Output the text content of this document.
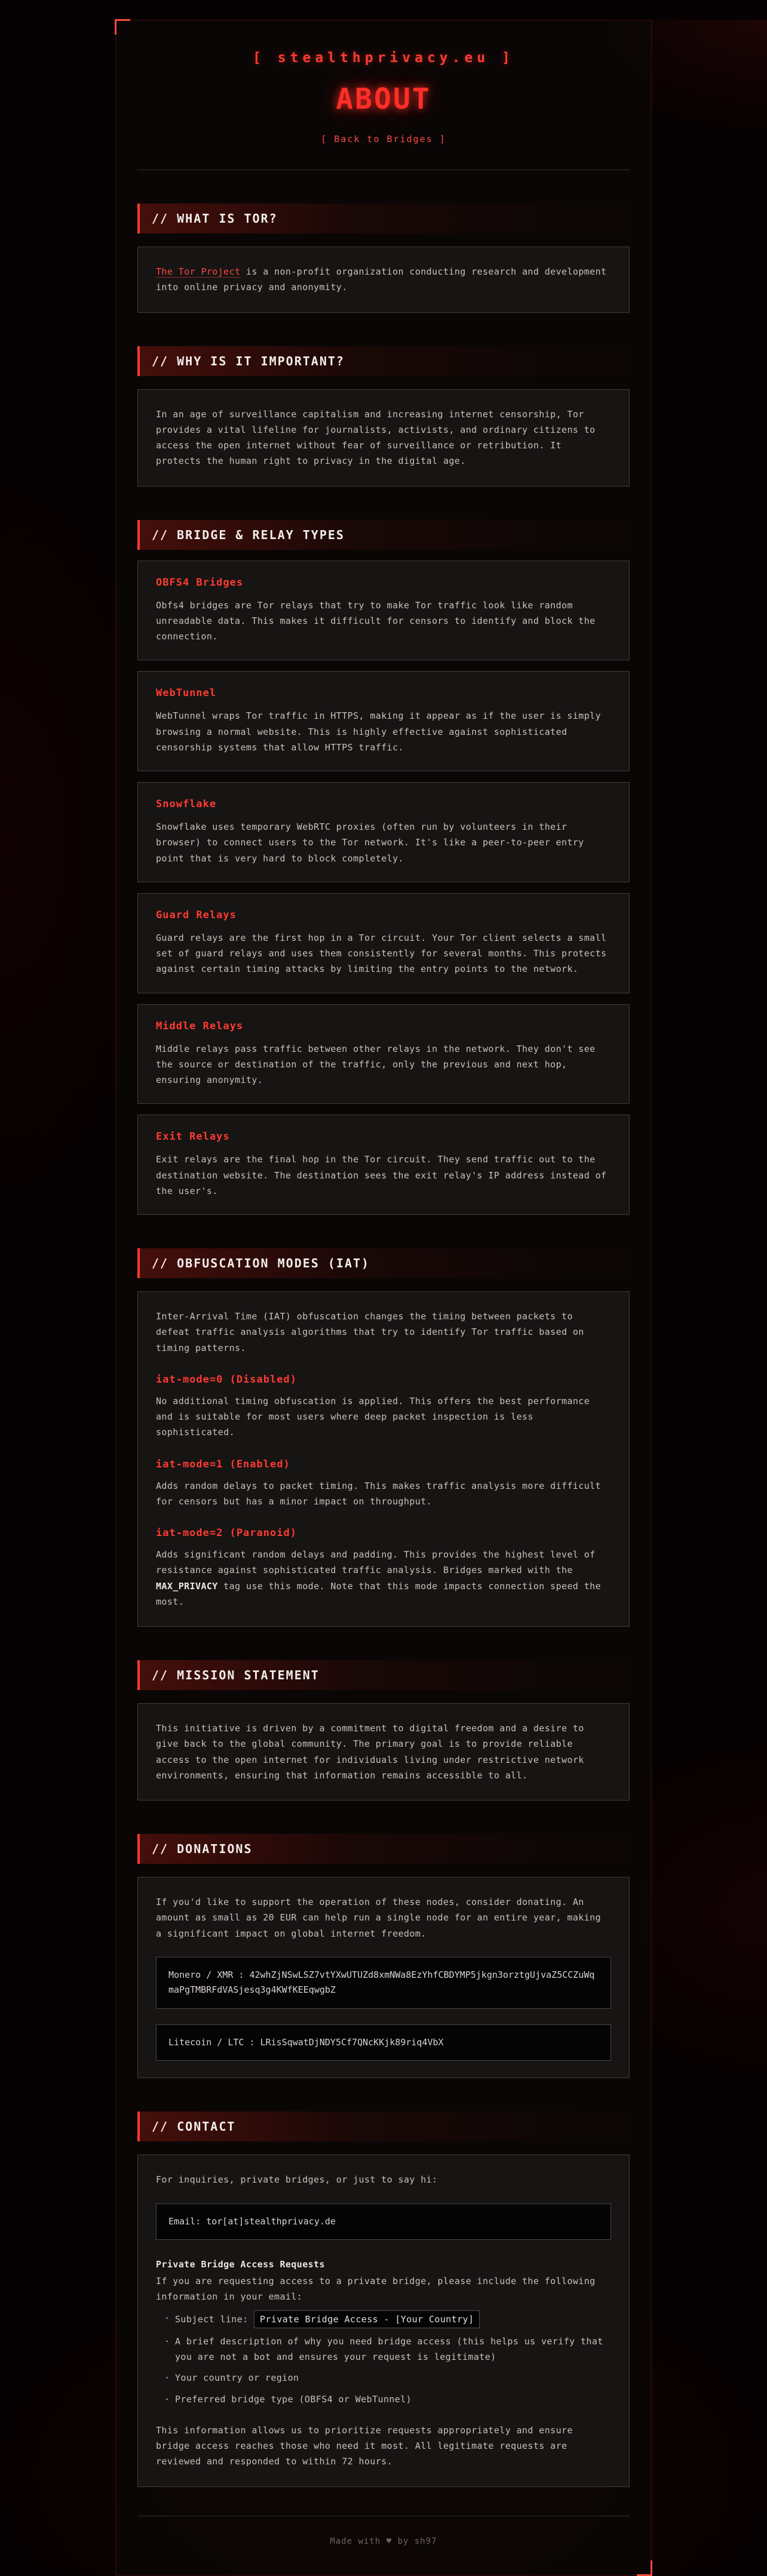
[ stealthprivacy.eu ]
ABOUT
[ Back to Bridges ]
// WHAT IS TOR?

The Tor Project is a non-profit organization conducting research and development into online privacy and anonymity.

// WHY IS IT IMPORTANT?

In an age of surveillance capitalism and increasing internet censorship, Tor provides a vital lifeline for journalists, activists, and ordinary citizens to access the open internet without fear of surveillance or retribution. It protects the human right to privacy in the digital age.

// BRIDGE & RELAY TYPES
OBFS4 Bridges

Obfs4 bridges are Tor relays that try to make Tor traffic look like random unreadable data. This makes it difficult for censors to identify and block the connection.

WebTunnel

WebTunnel wraps Tor traffic in HTTPS, making it appear as if the user is simply browsing a normal website. This is highly effective against sophisticated censorship systems that allow HTTPS traffic.

Snowflake

Snowflake uses temporary WebRTC proxies (often run by volunteers in their browser) to connect users to the Tor network. It's like a peer-to-peer entry point that is very hard to block completely.

Guard Relays

Guard relays are the first hop in a Tor circuit. Your Tor client selects a small set of guard relays and uses them consistently for several months. This protects against certain timing attacks by limiting the entry points to the network.

Middle Relays

Middle relays pass traffic between other relays in the network. They don't see the source or destination of the traffic, only the previous and next hop, ensuring anonymity.

Exit Relays

Exit relays are the final hop in the Tor circuit. They send traffic out to the destination website. The destination sees the exit relay's IP address instead of the user's.

// OBFUSCATION MODES (IAT)

Inter-Arrival Time (IAT) obfuscation changes the timing between packets to defeat traffic analysis algorithms that try to identify Tor traffic based on timing patterns.

iat-mode=0 (Disabled)

No additional timing obfuscation is applied. This offers the best performance and is suitable for most users where deep packet inspection is less sophisticated.

iat-mode=1 (Enabled)

Adds random delays to packet timing. This makes traffic analysis more difficult for censors but has a minor impact on throughput.

iat-mode=2 (Paranoid)

Adds significant random delays and padding. This provides the highest level of resistance against sophisticated traffic analysis. Bridges marked with the MAX_PRIVACY tag use this mode. Note that this mode impacts connection speed the most.

// MISSION STATEMENT

This initiative is driven by a commitment to digital freedom and a desire to give back to the global community. The primary goal is to provide reliable access to the open internet for individuals living under restrictive network environments, ensuring that information remains accessible to all.

// DONATIONS

If you'd like to support the operation of these nodes, consider donating. An amount as small as 20 EUR can help run a single node for an entire year, making a significant impact on global internet freedom.

Monero / XMR : 42whZjNSwLSZ7vtYXwUTUZd8xmNWa8EzYhfCBDYMP5jkgn3orztgUjvaZ5CCZuWqmaPgTMBRFdVASjesq3g4KWfKEEqwgbZ
Litecoin / LTC : LRisSqwatDjNDY5Cf7QNcKKjk89riq4VbX
// CONTACT

For inquiries, private bridges, or just to say hi:

Email: tor[at]stealthprivacy.de
Private Bridge Access Requests

If you are requesting access to a private bridge, please include the following information in your email:

· Subject line: Private Bridge Access - [Your Country]
· A brief description of why you need bridge access (this helps us verify that you are not a bot and ensures your request is legitimate)
· Your country or region
· Preferred bridge type (OBFS4 or WebTunnel)

This information allows us to prioritize requests appropriately and ensure bridge access reaches those who need it most. All legitimate requests are reviewed and responded to within 72 hours.

Made with ♥ by sh97
